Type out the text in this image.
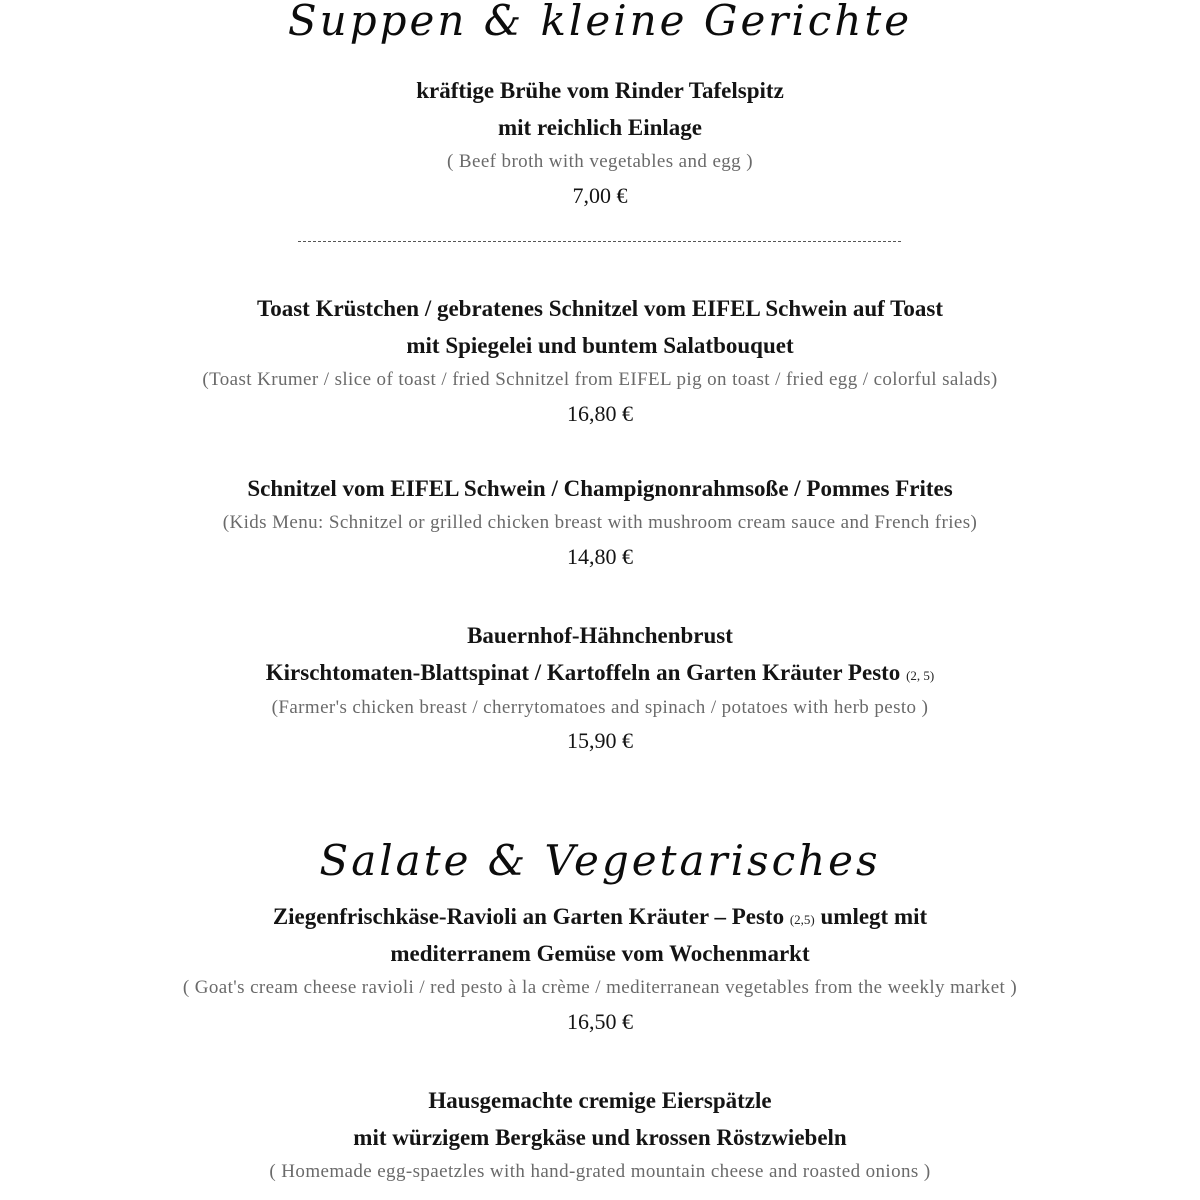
Suppen & kleine Gerichte
kräftige Brühe vom Rinder Tafelspitz
mit reichlich Einlage
( Beef broth with vegetables and egg )
7,00 €
Toast Krüstchen / gebratenes Schnitzel vom EIFEL Schwein auf Toast
mit Spiegelei und buntem Salatbouquet
(Toast Krumer / slice of toast / fried Schnitzel from EIFEL pig on toast / fried egg / colorful salads)
16,80 €
Schnitzel vom EIFEL Schwein / Champignonrahmsoße / Pommes Frites
(Kids Menu: Schnitzel or grilled chicken breast with mushroom cream sauce and French fries)
14,80 €
Bauernhof-Hähnchenbrust
Kirschtomaten-Blattspinat / Kartoffeln an Garten Kräuter Pesto (2, 5)
(Farmer's chicken breast / cherrytomatoes and spinach / potatoes with herb pesto )
15,90 €
Salate & Vegetarisches
Ziegenfrischkäse-Ravioli an Garten Kräuter – Pesto (2,5) umlegt mit
mediterranem Gemüse vom Wochenmarkt
( Goat's cream cheese ravioli / red pesto à la crème / mediterranean vegetables from the weekly market )
16,50 €
Hausgemachte cremige Eierspätzle
mit würzigem Bergkäse und krossen Röstzwiebeln
( Homemade egg-spaetzles with hand-grated mountain cheese and roasted onions )
